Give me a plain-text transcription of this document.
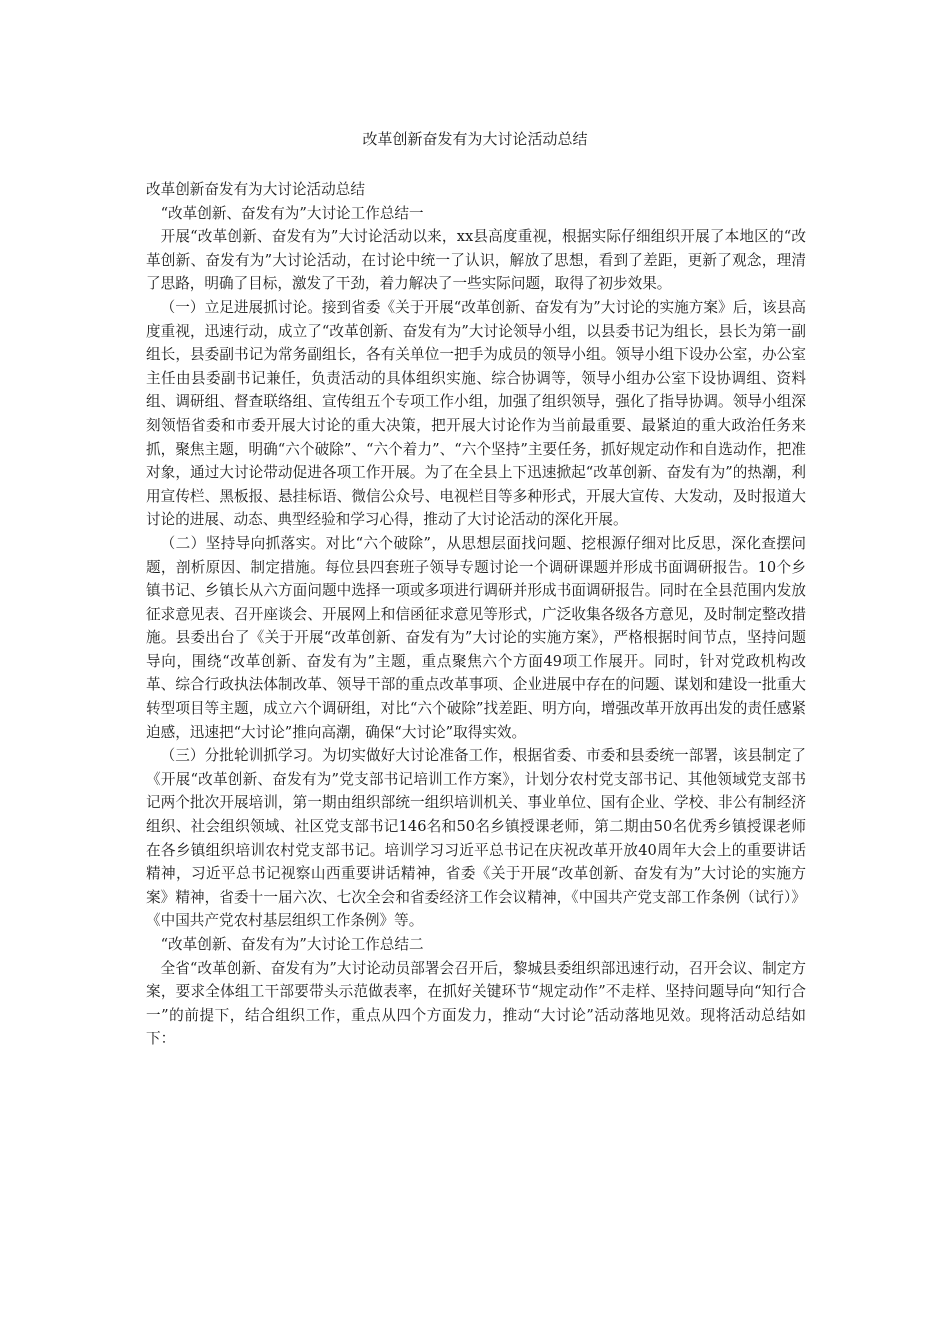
改革创新奋发有为大讨论活动总结

改革创新奋发有为大讨论活动总结

“改革创新、奋发有为”大讨论工作总结一

开展“改革创新、奋发有为”大讨论活动以来，xx县高度重视，根据实际仔细组织开展了本地区的“改革创新、奋发有为”大讨论活动，在讨论中统一了认识，解放了思想，看到了差距，更新了观念，理清了思路，明确了目标，激发了干劲，着力解决了一些实际问题，取得了初步效果。

（一）立足进展抓讨论。接到省委《关于开展“改革创新、奋发有为”大讨论的实施方案》后，该县高度重视，迅速行动，成立了“改革创新、奋发有为”大讨论领导小组，以县委书记为组长，县长为第一副组长，县委副书记为常务副组长，各有关单位一把手为成员的领导小组。领导小组下设办公室，办公室主任由县委副书记兼任，负责活动的具体组织实施、综合协调等，领导小组办公室下设协调组、资料组、调研组、督查联络组、宣传组五个专项工作小组，加强了组织领导，强化了指导协调。领导小组深刻领悟省委和市委开展大讨论的重大决策，把开展大讨论作为当前最重要、最紧迫的重大政治任务来抓，聚焦主题，明确“六个破除”、“六个着力”、“六个坚持”主要任务，抓好规定动作和自选动作，把准对象，通过大讨论带动促进各项工作开展。为了在全县上下迅速掀起“改革创新、奋发有为”的热潮，利用宣传栏、黑板报、悬挂标语、微信公众号、电视栏目等多种形式，开展大宣传、大发动，及时报道大讨论的进展、动态、典型经验和学习心得，推动了大讨论活动的深化开展。

（二）坚持导向抓落实。对比“六个破除”，从思想层面找问题、挖根源仔细对比反思，深化查摆问题，剖析原因、制定措施。每位县四套班子领导专题讨论一个调研课题并形成书面调研报告。10个乡镇书记、乡镇长从六方面问题中选择一项或多项进行调研并形成书面调研报告。同时在全县范围内发放征求意见表、召开座谈会、开展网上和信函征求意见等形式，广泛收集各级各方意见，及时制定整改措施。县委出台了《关于开展“改革创新、奋发有为”大讨论的实施方案》，严格根据时间节点，坚持问题导向，围绕“改革创新、奋发有为”主题，重点聚焦六个方面49项工作展开。同时，针对党政机构改革、综合行政执法体制改革、领导干部的重点改革事项、企业进展中存在的问题、谋划和建设一批重大转型项目等主题，成立六个调研组，对比“六个破除”找差距、明方向，增强改革开放再出发的责任感紧迫感，迅速把“大讨论”推向高潮，确保“大讨论”取得实效。

（三）分批轮训抓学习。为切实做好大讨论准备工作，根据省委、市委和县委统一部署，该县制定了《开展“改革创新、奋发有为”党支部书记培训工作方案》，计划分农村党支部书记、其他领域党支部书记两个批次开展培训，第一期由组织部统一组织培训机关、事业单位、国有企业、学校、非公有制经济组织、社会组织领域、社区党支部书记146名和50名乡镇授课老师，第二期由50名优秀乡镇授课老师在各乡镇组织培训农村党支部书记。培训学习习近平总书记在庆祝改革开放40周年大会上的重要讲话精神，习近平总书记视察山西重要讲话精神，省委《关于开展“改革创新、奋发有为”大讨论的实施方案》精神，省委十一届六次、七次全会和省委经济工作会议精神，《中国共产党支部工作条例（试行）》《中国共产党农村基层组织工作条例》等。

“改革创新、奋发有为”大讨论工作总结二

全省“改革创新、奋发有为”大讨论动员部署会召开后，黎城县委组织部迅速行动，召开会议、制定方案，要求全体组工干部要带头示范做表率，在抓好关键环节“规定动作”不走样、坚持问题导向“知行合一”的前提下，结合组织工作，重点从四个方面发力，推动“大讨论”活动落地见效。现将活动总结如下：
